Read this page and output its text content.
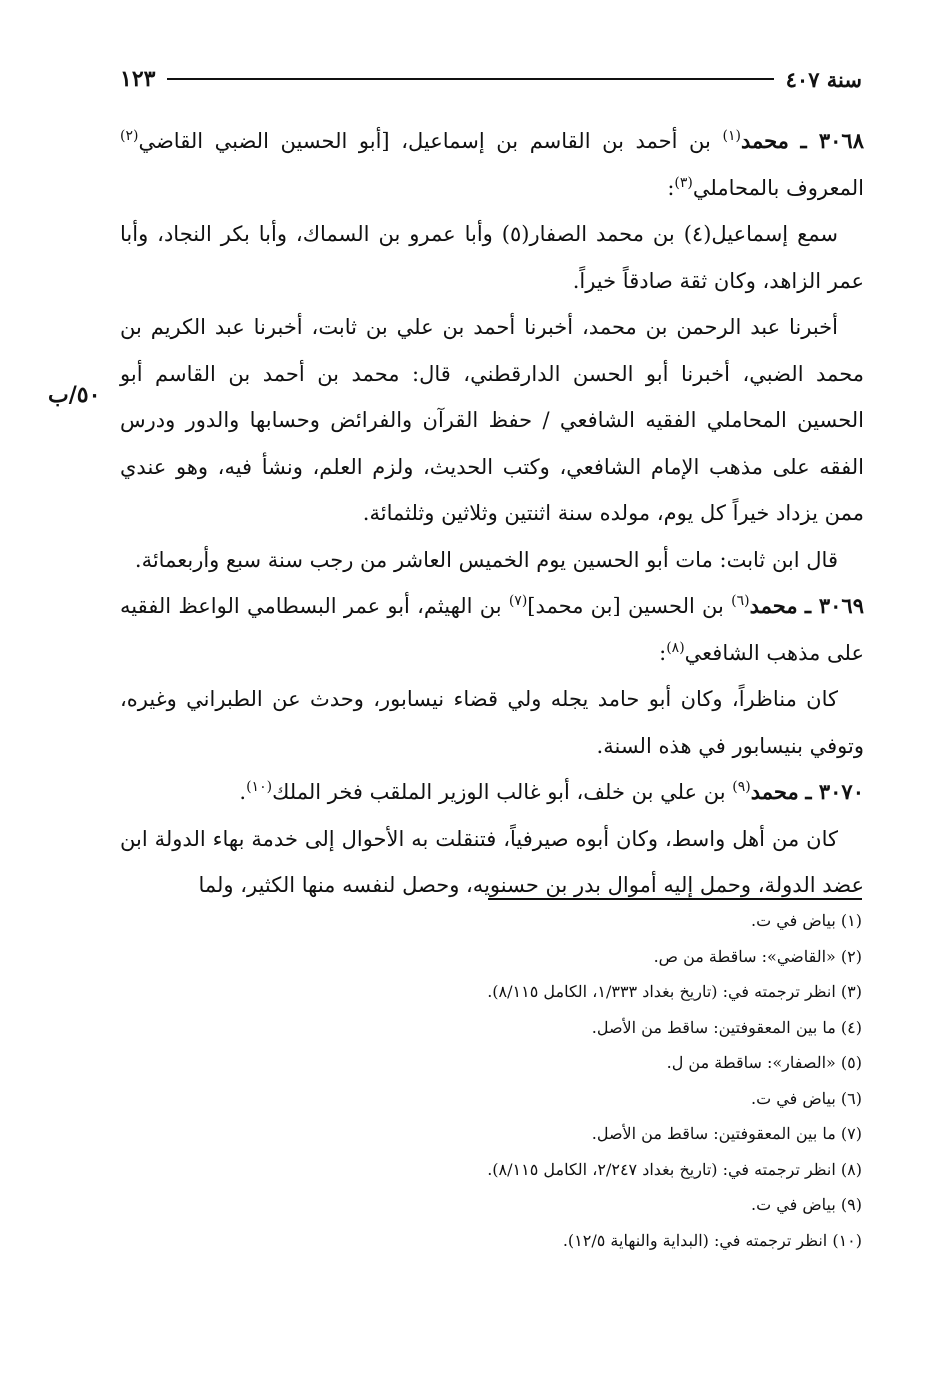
سنة ٤٠٧
١٢٣
٥٠/ب

٣٠٦٨ ـ محمد$^{(١)}$ بن أحمد بن القاسم بن إسماعيل، [أبو الحسين الضبي القاضي$^{(٢)}$ المعروف بالمحاملي$^{(٣)}$:

سمع إسماعيل(٤) بن محمد الصفار(٥) وأبا عمرو بن السماك، وأبا بكر النجاد، وأبا عمر الزاهد، وكان ثقة صادقاً خيراً.

أخبرنا عبد الرحمن بن محمد، أخبرنا أحمد بن علي بن ثابت، أخبرنا عبد الكريم بن محمد الضبي، أخبرنا أبو الحسن الدارقطني، قال: محمد بن أحمد بن القاسم أبو الحسين المحاملي الفقيه الشافعي / حفظ القرآن والفرائض وحسابها والدور ودرس الفقه على مذهب الإمام الشافعي، وكتب الحديث، ولزم العلم، ونشأ فيه، وهو عندي ممن يزداد خيراً كل يوم، مولده سنة اثنتين وثلاثين وثلثمائة.

قال ابن ثابت: مات أبو الحسين يوم الخميس العاشر من رجب سنة سبع وأربعمائة.

٣٠٦٩ ـ محمد$^{(٦)}$ بن الحسين [بن محمد]$^{(٧)}$ بن الهيثم، أبو عمر البسطامي الواعظ الفقيه على مذهب الشافعي$^{(٨)}$:

كان مناظراً، وكان أبو حامد يجله ولي قضاء نيسابور، وحدث عن الطبراني وغيره، وتوفي بنيسابور في هذه السنة.

٣٠٧٠ ـ محمد$^{(٩)}$ بن علي بن خلف، أبو غالب الوزير الملقب فخر الملك$^{(١٠)}$.

كان من أهل واسط، وكان أبوه صيرفياً، فتنقلت به الأحوال إلى خدمة بهاء الدولة ابن عضد الدولة، وحمل إليه أموال بدر بن حسنويه، وحصل لنفسه منها الكثير، ولما

(١) بياض في ت.
(٢) «القاضي»: ساقطة من ص.
(٣) انظر ترجمته في: (تاريخ بغداد ١/٣٣٣، الكامل ٨/١١٥).
(٤) ما بين المعقوفتين: ساقط من الأصل.
(٥) «الصفار»: ساقطة من ل.
(٦) بياض في ت.
(٧) ما بين المعقوفتين: ساقط من الأصل.
(٨) انظر ترجمته في: (تاريخ بغداد ٢/٢٤٧، الكامل ٨/١١٥).
(٩) بياض في ت.
(١٠) انظر ترجمته في: (البداية والنهاية ١٢/٥).
